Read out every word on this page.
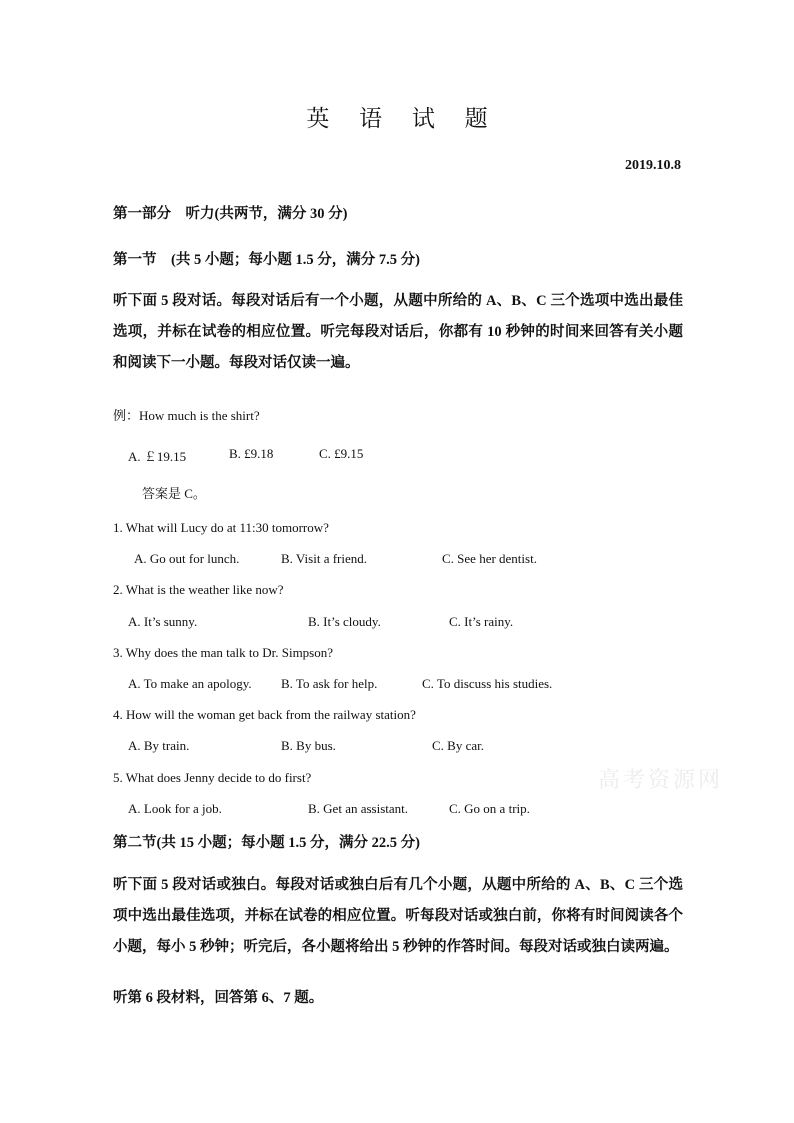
英 语 试 题
2019.10.8
第一部分　听力(共两节，满分 30 分)
第一节　(共 5 小题；每小题 1.5 分，满分 7.5 分)
听下面 5 段对话。每段对话后有一个小题，从题中所给的 A、B、C 三个选项中选出最佳选项，并标在试卷的相应位置。听完每段对话后，你都有 10 秒钟的时间来回答有关小题和阅读下一小题。每段对话仅读一遍。
例：How much is the shirt?
A. ￡19.15	B. £9.18	C. £9.15
答案是 C。
1. What will Lucy do at 11:30 tomorrow?
A. Go out for lunch.	B. Visit a friend.	C. See her dentist.
2. What is the weather like now?
A. It’s sunny.	B. It’s cloudy.	C. It’s rainy.
3. Why does the man talk to Dr. Simpson?
A. To make an apology. B. To ask for help.	C. To discuss his studies.
4. How will the woman get back from the railway station?
A. By train.	B. By bus.	C. By car.
5. What does Jenny decide to do first?
A. Look for a job.	B. Get an assistant.	C. Go on a trip.
高考资源网
第二节(共 15 小题；每小题 1.5 分，满分 22.5 分)
听下面 5 段对话或独白。每段对话或独白后有几个小题，从题中所给的 A、B、C 三个选项中选出最佳选项，并标在试卷的相应位置。听每段对话或独白前，你将有时间阅读各个小题，每小 5 秒钟；听完后，各小题将给出 5 秒钟的作答时间。每段对话或独白读两遍。
听第 6 段材料，回答第 6、7 题。
